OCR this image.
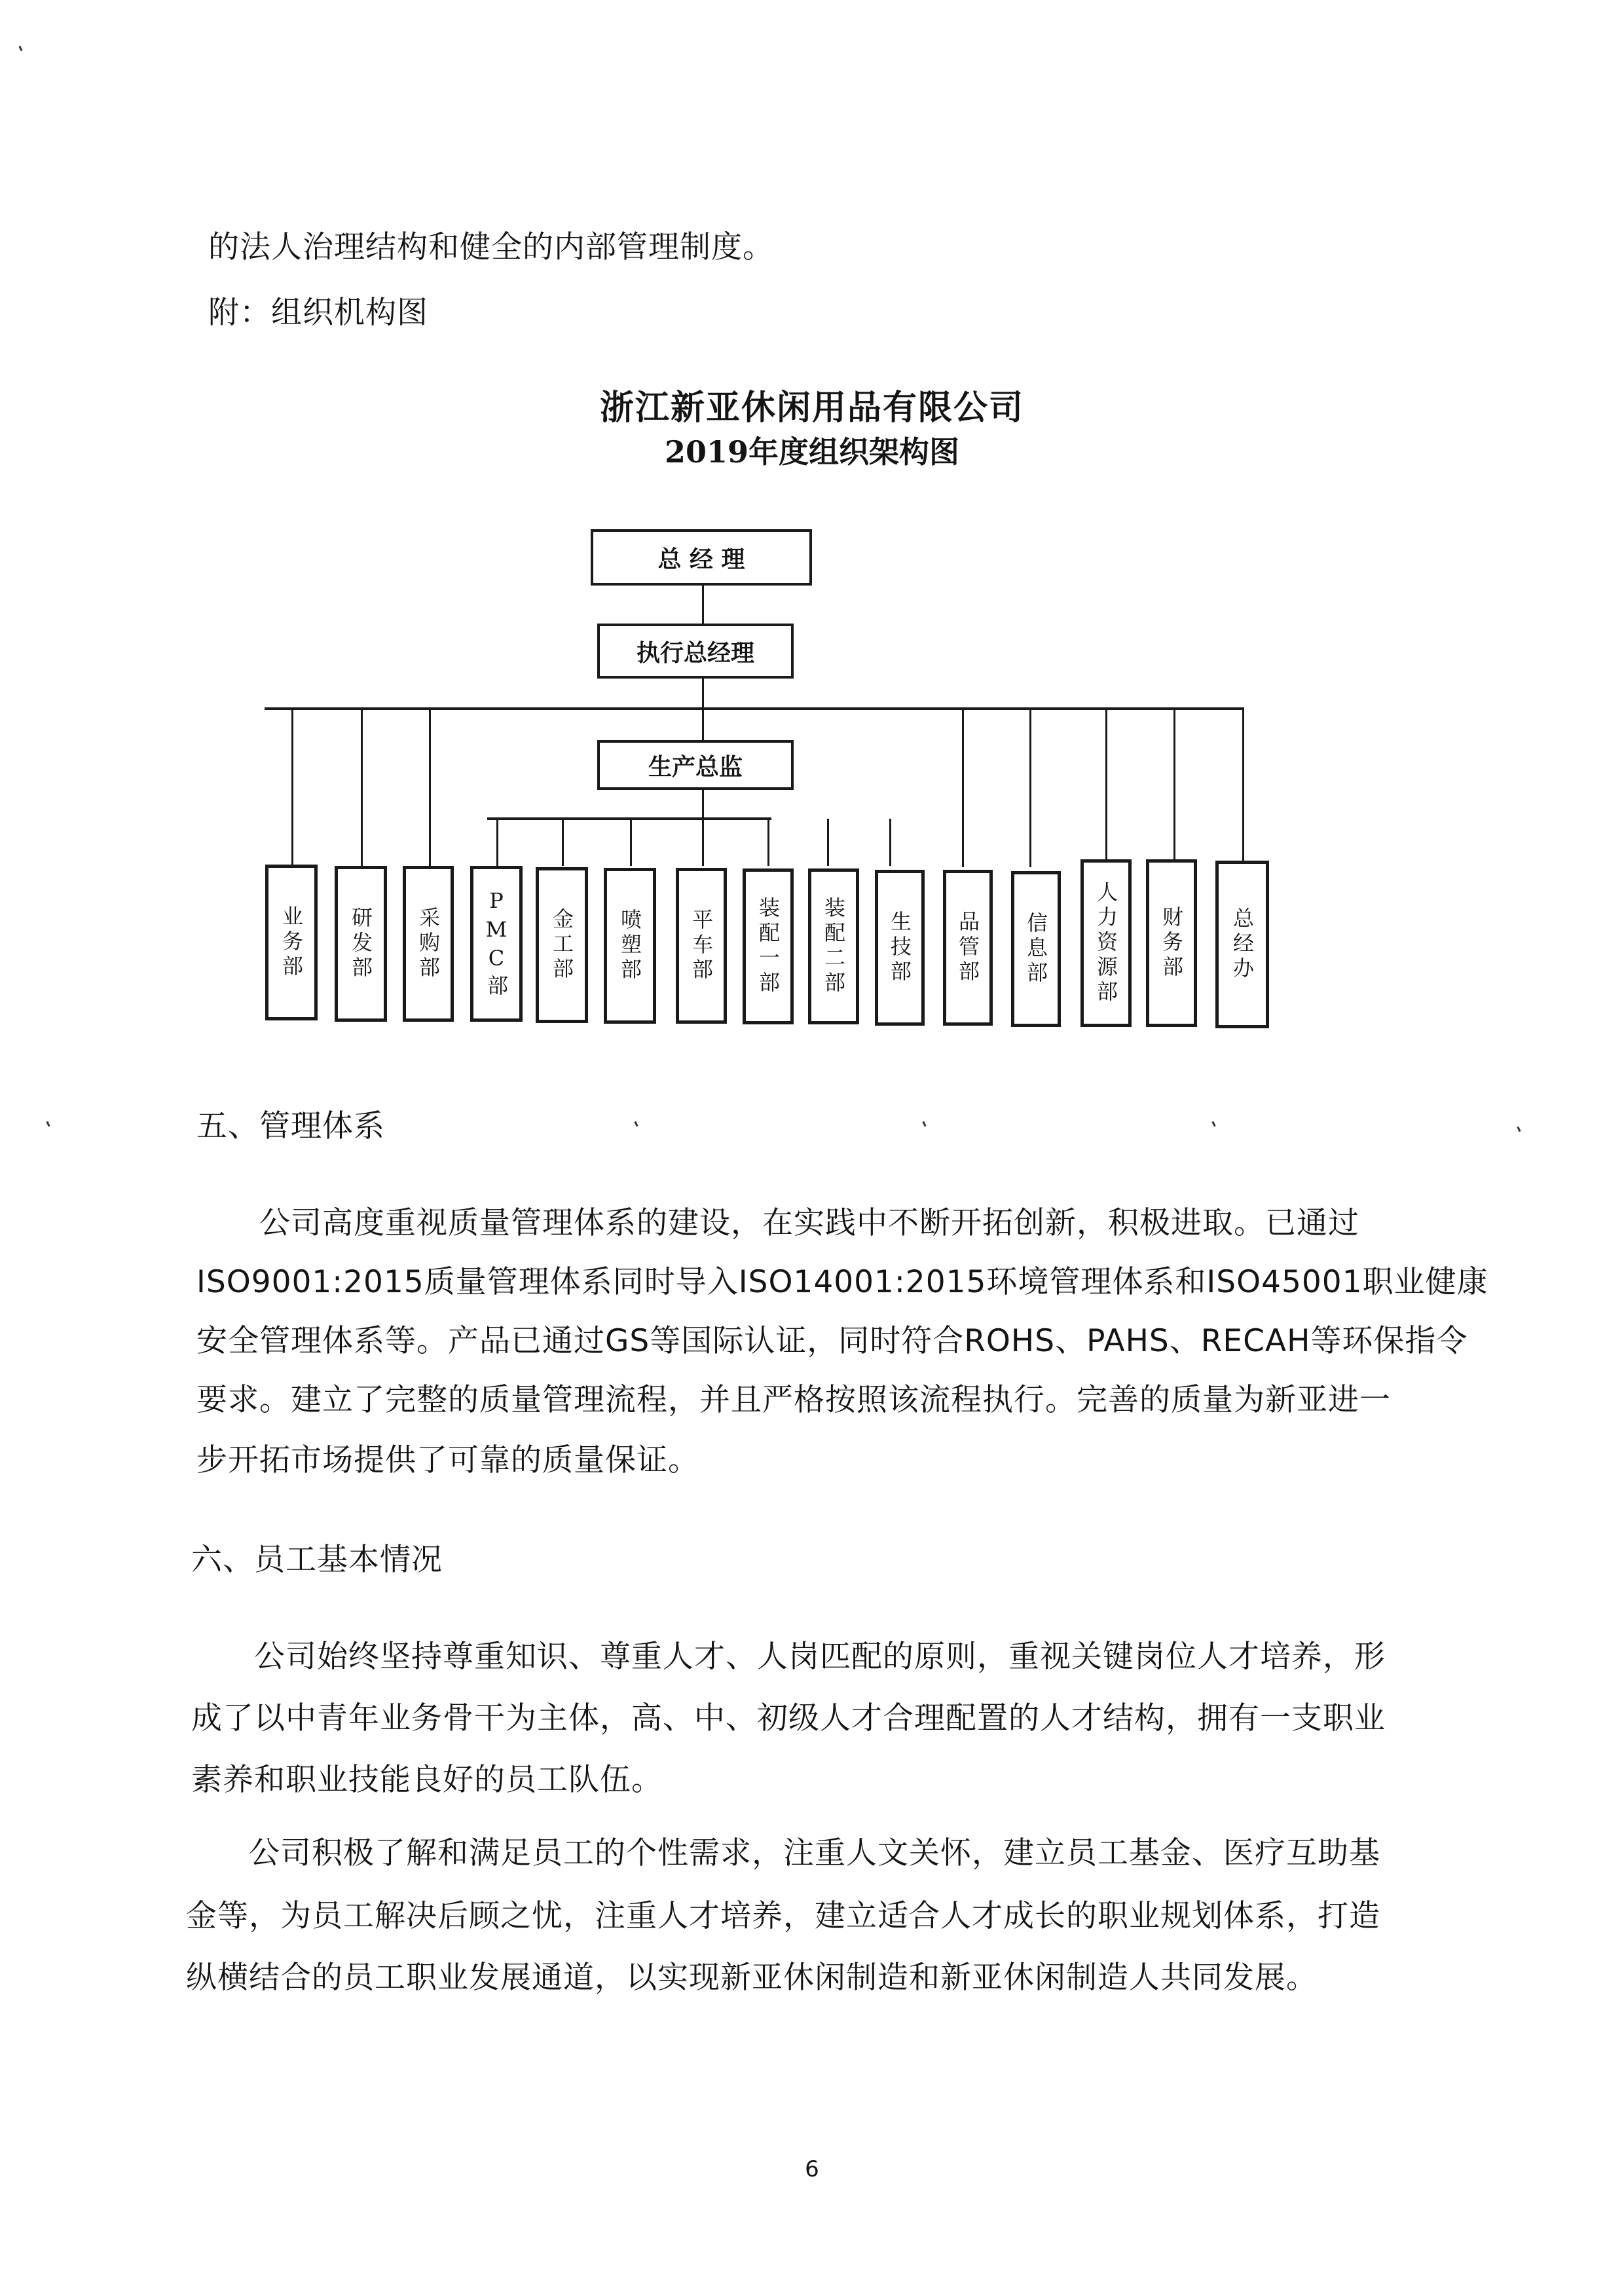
的法人治理结构和健全的内部管理制度。
附：组织机构图
浙江新亚休闲用品有限公司
2019年度组织架构图
总 经 理
执行总经理
生产总监
业务部 研发部 采购部 PMC部 金工部 喷塑部 平车部 装配一部 装配二部 生技部 品管部 信息部 人力资源部 财务部 总经办
五、管理体系
　　公司高度重视质量管理体系的建设，在实践中不断开拓创新，积极进取。已通过
ISO9001:2015质量管理体系同时导入ISO14001:2015环境管理体系和ISO45001职业健康
安全管理体系等。产品已通过GS等国际认证，同时符合ROHS、PAHS、RECAH等环保指令
要求。建立了完整的质量管理流程，并且严格按照该流程执行。完善的质量为新亚进一
步开拓市场提供了可靠的质量保证。
六、员工基本情况
　　公司始终坚持尊重知识、尊重人才、人岗匹配的原则，重视关键岗位人才培养，形
成了以中青年业务骨干为主体，高、中、初级人才合理配置的人才结构，拥有一支职业
素养和职业技能良好的员工队伍。
　　公司积极了解和满足员工的个性需求，注重人文关怀，建立员工基金、医疗互助基
金等，为员工解决后顾之忧，注重人才培养，建立适合人才成长的职业规划体系，打造
纵横结合的员工职业发展通道，以实现新亚休闲制造和新亚休闲制造人共同发展。
6
